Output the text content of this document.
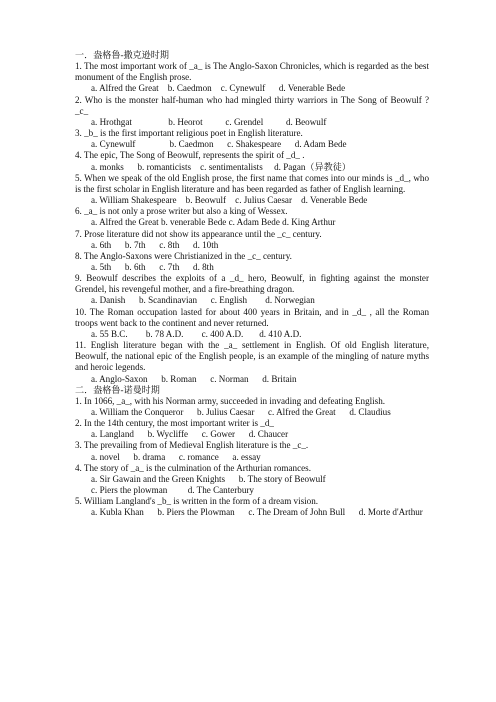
一．盎格鲁-撒克逊时期

1. The most important work of _a_ is The Anglo-Saxon Chronicles, which is regarded as the best monument of the English prose.

a. Alfred the Great    b. Caedmon    c. Cynewulf      d. Venerable Bede

2. Who is the monster half-human who had mingled thirty warriors in The Song of Beowulf ? _c_

a. Hrothgat                b. Heorot          c. Grendel          d. Beowulf

3. _b_ is the first important religious poet in English literature.

a. Cynewulf               b. Caedmon      c. Shakespeare      d. Adam Bede

4. The epic, The Song of Beowulf, represents the spirit of _d_ .

a. monks      b. romanticists    c. sentimentalists     d. Pagan（异教徒）

5. When we speak of the old English prose, the first name that comes into our minds is _d_, who is the first scholar in English literature and has been regarded as father of English learning.

a. William Shakespeare    b. Beowulf    c. Julius Caesar    d. Venerable Bede

6. _a_ is not only a prose writer but also a king of Wessex.

a. Alfred the Great b. venerable Bede c. Adam Bede d. King Arthur

7. Prose literature did not show its appearance until the _c_ century.

a. 6th      b. 7th      c. 8th      d. 10th

8. The Anglo-Saxons were Christianized in the _c_ century.

a. 5th      b. 6th      c. 7th      d. 8th

9. Beowulf describes the exploits of a _d_ hero, Beowulf, in fighting against the monster Grendel, his revengeful mother, and a fire-breathing dragon.

a. Danish      b. Scandinavian      c. English        d. Norwegian

10. The Roman occupation lasted for about 400 years in Britain, and in _d_ , all the Roman troops went back to the continent and never returned.

a. 55 B.C.        b. 78 A.D.        c. 400 A.D.       d. 410 A.D.

11. English literature began with the _a_ settlement in English. Of old English literature, Beowulf, the national epic of the English people, is an example of the mingling of nature myths and heroic legends.

a. Anglo-Saxon      b. Roman      c. Norman      d. Britain

二．盎格鲁-诺曼时期

1. In 1066, _a_, with his Norman army, succeeded in invading and defeating English.

a. William the Conqueror      b. Julius Caesar      c. Alfred the Great      d. Claudius

2. In the 14th century, the most important writer is _d_

a. Langland      b. Wycliffe      c. Gower      d. Chaucer

3. The prevailing from of Medieval English literature is the _c_.

a. novel      b. drama      c. romance      a. essay

4. The story of _a_ is the culmination of the Arthurian romances.

a. Sir Gawain and the Green Knights      b. The story of Beowulf

c. Piers the plowman         d. The Canterbury

5. William Langland's _b_ is written in the form of a dream vision.

a. Kubla Khan      b. Piers the Plowman      c. The Dream of John Bull      d. Morte d'Arthur
